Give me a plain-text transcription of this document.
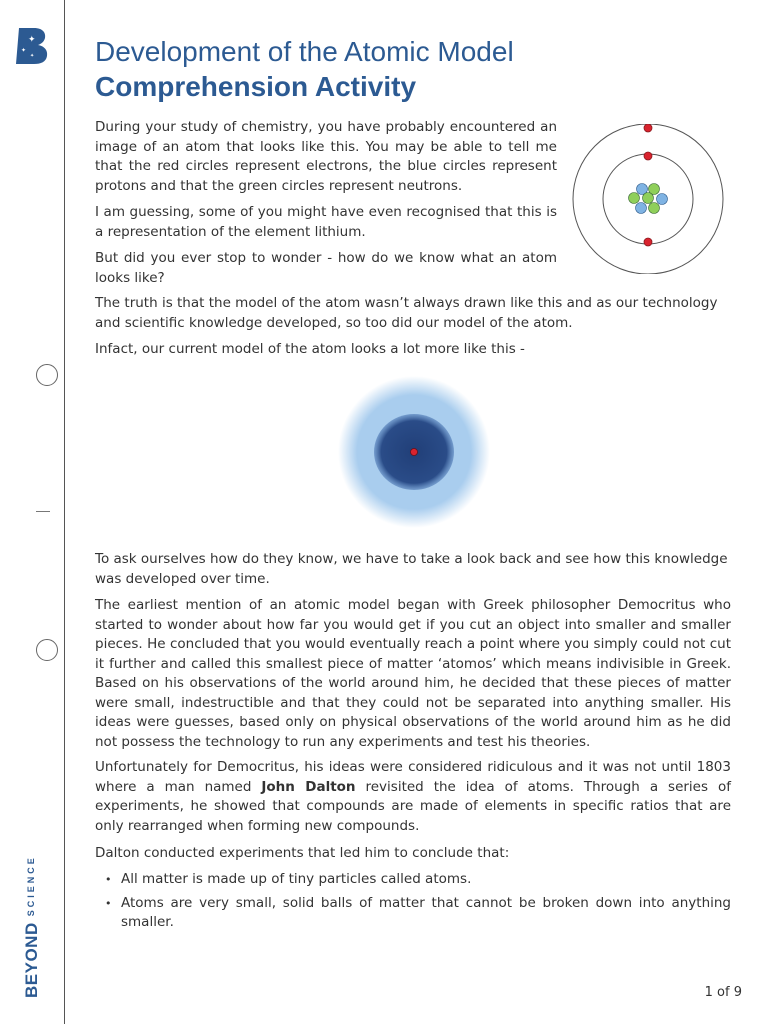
✦
✦
✦
BEYONDSCIENCE
Development of the Atomic Model
Comprehension Activity

During your study of chemistry, you have probably encountered an image of an atom that looks like this. You may be able to tell me that the red circles represent electrons, the blue circles represent protons and that the green circles represent neutrons.

I am guessing, some of you might have even recognised that this is a representation of the element lithium.

But did you ever stop to wonder - how do we know what an atom looks like?

The truth is that the model of the atom wasn’t always drawn like this and as our technology and scientific knowledge developed, so too did our model of the atom.

Infact, our current model of the atom looks a lot more like this -

To ask ourselves how do they know, we have to take a look back and see how this knowledge was developed over time.

The earliest mention of an atomic model began with Greek philosopher Democritus who started to wonder about how far you would get if you cut an object into smaller and smaller pieces. He concluded that you would eventually reach a point where you simply could not cut it further and called this smallest piece of matter ‘atomos’ which means indivisible in Greek. Based on his observations of the world around him, he decided that these pieces of matter were small, indestructible and that they could not be separated into anything smaller. His ideas were guesses, based only on physical observations of the world around him as he did not possess the technology to run any experiments and test his theories.

Unfortunately for Democritus, his ideas were considered ridiculous and it was not until 1803 where a man named John Dalton revisited the idea of atoms. Through a series of experiments, he showed that compounds are made of elements in specific ratios that are only rearranged when forming new compounds.

Dalton conducted experiments that led him to conclude that:

• All matter is made up of tiny particles called atoms.
• Atoms are very small, solid balls of matter that cannot be broken down into anything smaller.
1 of 9
